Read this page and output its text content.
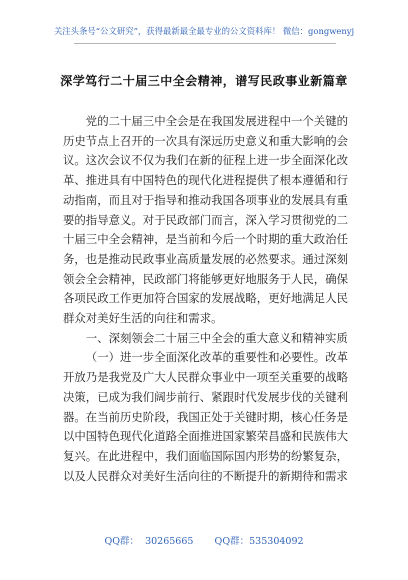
关注头条号“公文研究”，获得最新最全最专业的公文资料库！ 微信：gongwenyj
深学笃行二十届三中全会精神，谱写民政事业新篇章

党的二十届三中全会是在我国发展进程中一个关键的历史节点上召开的一次具有深远历史意义和重大影响的会议。这次会议不仅为我们在新的征程上进一步全面深化改革、推进具有中国特色的现代化进程提供了根本遵循和行动指南，而且对于指导和推动我国各项事业的发展具有重要的指导意义。对于民政部门而言，深入学习贯彻党的二十届三中全会精神，是当前和今后一个时期的重大政治任务，也是推动民政事业高质量发展的必然要求。通过深刻领会全会精神，民政部门将能够更好地服务于人民，确保各项民政工作更加符合国家的发展战略，更好地满足人民群众对美好生活的向往和需求。

一、深刻领会二十届三中全会的重大意义和精神实质

（一）进一步全面深化改革的重要性和必要性。改革开放乃是我党及广大人民群众事业中一项至关重要的战略决策，已成为我们阔步前行、紧跟时代发展步伐的关键利器。在当前历史阶段，我国正处于关键时期，核心任务是以中国特色现代化道路全面推进国家繁荣昌盛和民族伟大复兴。在此进程中，我们面临国际国内形势的纷繁复杂，以及人民群众对美好生活向往的不断提升的新期待和需求

QQ群：  30265665       QQ群：535304092
